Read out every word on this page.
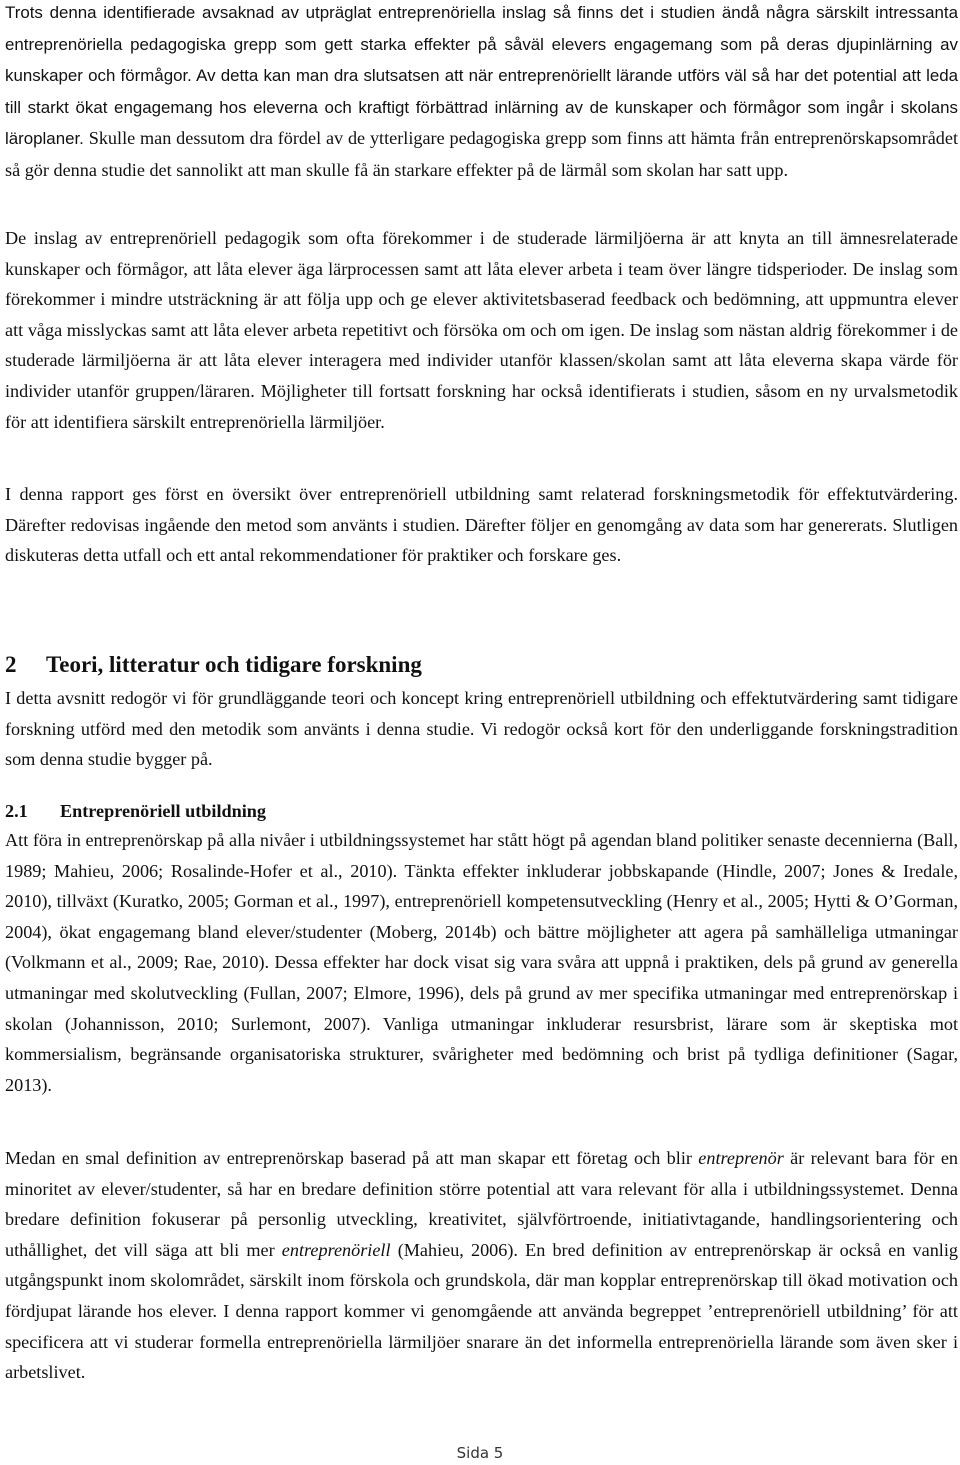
Trots denna identifierade avsaknad av utpräglat entreprenöriella inslag så finns det i studien ändå några särskilt intressanta entreprenöriella pedagogiska grepp som gett starka effekter på såväl elevers engagemang som på deras djupinlärning av kunskaper och förmågor. Av detta kan man dra slutsatsen att när entreprenöriellt lärande utförs väl så har det potential att leda till starkt ökat engagemang hos eleverna och kraftigt förbättrad inlärning av de kunskaper och förmågor som ingår i skolans läroplaner. Skulle man dessutom dra fördel av de ytterligare pedagogiska grepp som finns att hämta från entreprenörskapsområdet så gör denna studie det sannolikt att man skulle få än starkare effekter på de lärmål som skolan har satt upp.

De inslag av entreprenöriell pedagogik som ofta förekommer i de studerade lärmiljöerna är att knyta an till ämnesrelaterade kunskaper och förmågor, att låta elever äga lärprocessen samt att låta elever arbeta i team över längre tidsperioder. De inslag som förekommer i mindre utsträckning är att följa upp och ge elever aktivitetsbaserad feedback och bedömning, att uppmuntra elever att våga misslyckas samt att låta elever arbeta repetitivt och försöka om och om igen. De inslag som nästan aldrig förekommer i de studerade lärmiljöerna är att låta elever interagera med individer utanför klassen/skolan samt att låta eleverna skapa värde för individer utanför gruppen/läraren. Möjligheter till fortsatt forskning har också identifierats i studien, såsom en ny urvalsmetodik för att identifiera särskilt entreprenöriella lärmiljöer.

I denna rapport ges först en översikt över entreprenöriell utbildning samt relaterad forskningsmetodik för effektutvärdering. Därefter redovisas ingående den metod som använts i studien. Därefter följer en genomgång av data som har genererats. Slutligen diskuteras detta utfall och ett antal rekommendationer för praktiker och forskare ges.

2 Teori, litteratur och tidigare forskning

I detta avsnitt redogör vi för grundläggande teori och koncept kring entreprenöriell utbildning och effektutvärdering samt tidigare forskning utförd med den metodik som använts i denna studie. Vi redogör också kort för den underliggande forskningstradition som denna studie bygger på.

2.1 Entreprenöriell utbildning

Att föra in entreprenörskap på alla nivåer i utbildningssystemet har stått högt på agendan bland politiker senaste decennierna (Ball, 1989; Mahieu, 2006; Rosalinde-Hofer et al., 2010). Tänkta effekter inkluderar jobbskapande (Hindle, 2007; Jones & Iredale, 2010), tillväxt (Kuratko, 2005; Gorman et al., 1997), entreprenöriell kompetensutveckling (Henry et al., 2005; Hytti & O’Gorman, 2004), ökat engagemang bland elever/studenter (Moberg, 2014b) och bättre möjligheter att agera på samhälleliga utmaningar (Volkmann et al., 2009; Rae, 2010). Dessa effekter har dock visat sig vara svåra att uppnå i praktiken, dels på grund av generella utmaningar med skolutveckling (Fullan, 2007; Elmore, 1996), dels på grund av mer specifika utmaningar med entreprenörskap i skolan (Johannisson, 2010; Surlemont, 2007). Vanliga utmaningar inkluderar resursbrist, lärare som är skeptiska mot kommersialism, begränsande organisatoriska strukturer, svårigheter med bedömning och brist på tydliga definitioner (Sagar, 2013).

Medan en smal definition av entreprenörskap baserad på att man skapar ett företag och blir entreprenör är relevant bara för en minoritet av elever/studenter, så har en bredare definition större potential att vara relevant för alla i utbildningssystemet. Denna bredare definition fokuserar på personlig utveckling, kreativitet, självförtroende, initiativtagande, handlingsorientering och uthållighet, det vill säga att bli mer entreprenöriell (Mahieu, 2006). En bred definition av entreprenörskap är också en vanlig utgångspunkt inom skolområdet, särskilt inom förskola och grundskola, där man kopplar entreprenörskap till ökad motivation och fördjupat lärande hos elever. I denna rapport kommer vi genomgående att använda begreppet ’entreprenöriell utbildning’ för att specificera att vi studerar formella entreprenöriella lärmiljöer snarare än det informella entreprenöriella lärande som även sker i arbetslivet.

Sida 5
